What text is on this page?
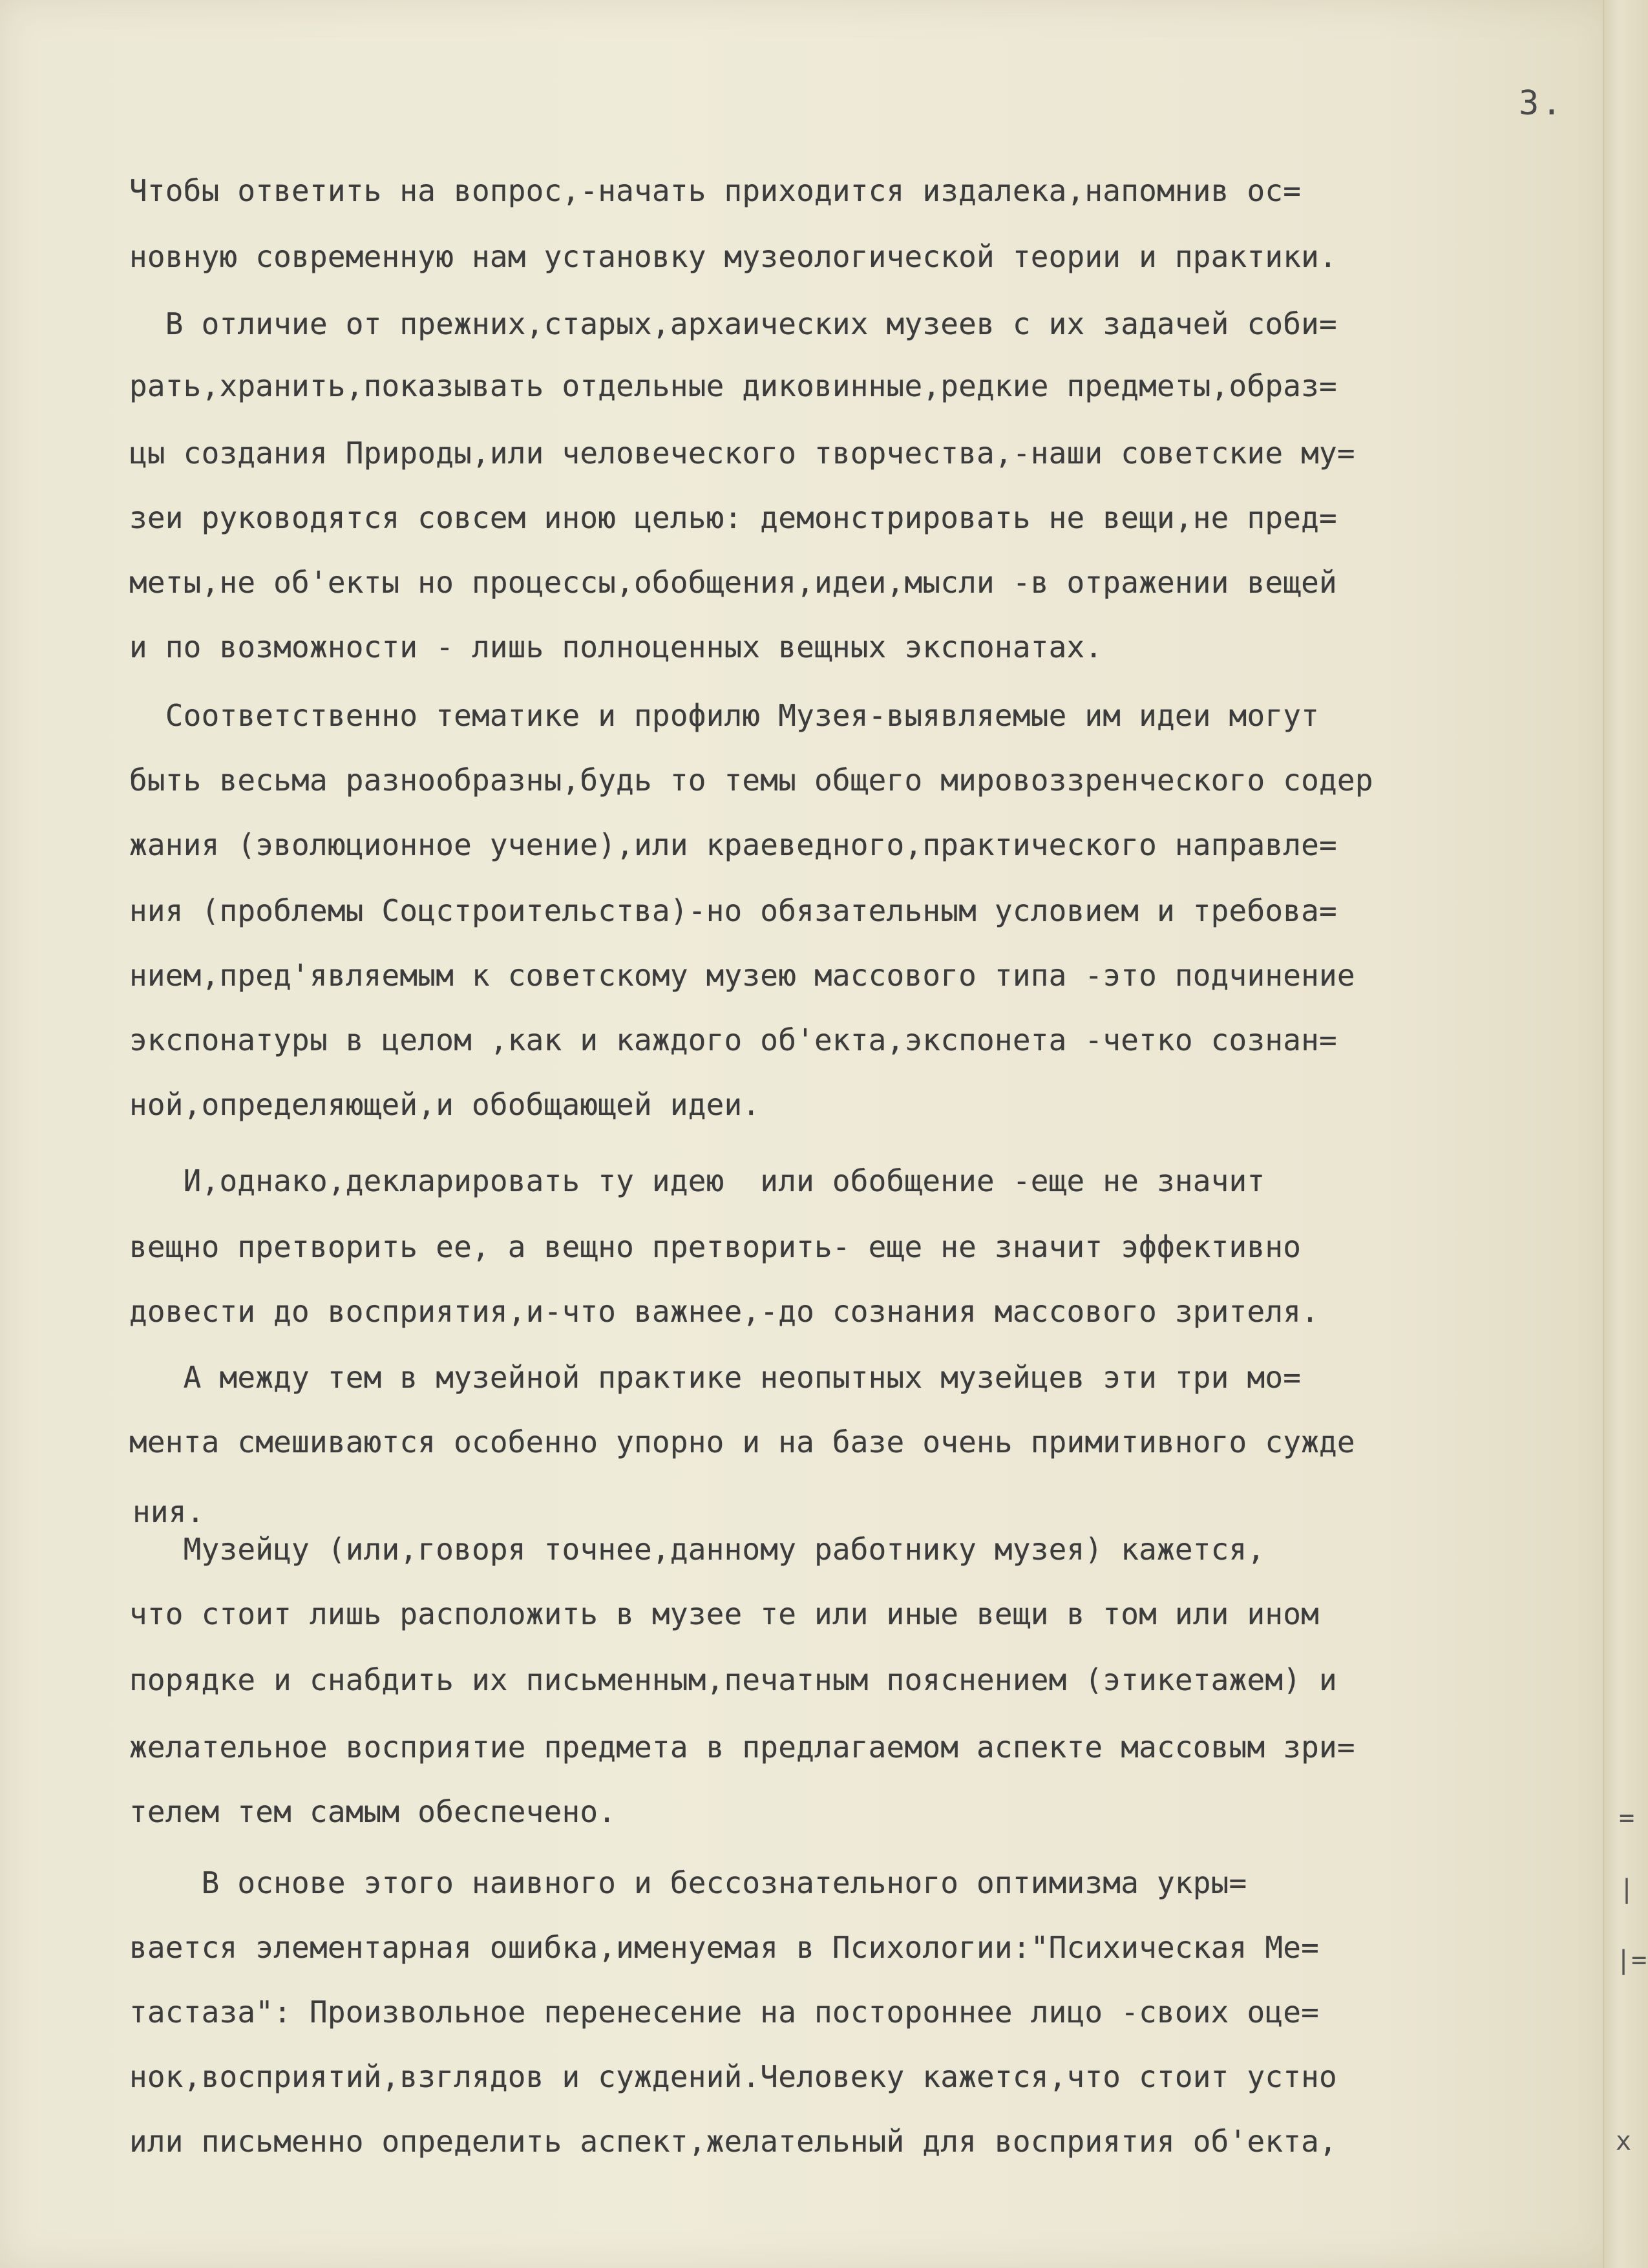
3.
Чтобы ответить на вопрос,-начать приходится издалека,напомнив ос=
новную современную нам установку музеологической теории и практики.
В отличие от прежних,старых,архаических музеев с их задачей соби=
рать,хранить,показывать отдельные диковинные,редкие предметы,образ=
цы создания Природы,или человеческого творчества,-наши советские му=
зеи руководятся совсем иною целью: демонстрировать не вещи,не пред=
меты,не об'екты но процессы,обобщения,идеи,мысли -в отражении вещей
и по возможности - лишь полноценных вещных экспонатах.
Соответственно тематике и профилю Музея-выявляемые им идеи могут
быть весьма разнообразны,будь то темы общего мировоззренческого содер
жания (эволюционное учение),или краеведного,практического направле=
ния (проблемы Соцстроительства)-но обязательным условием и требова=
нием,пред'являемым к советскому музею массового типа -это подчинение
экспонатуры в целом ,как и каждого об'екта,экспонета -четко сознан=
ной,определяющей,и обобщающей идеи.
И,однако,декларировать ту идею  или обобщение -еще не значит
вещно претворить ее, а вещно претворить- еще не значит эффективно
довести до восприятия,и-что важнее,-до сознания массового зрителя.
А между тем в музейной практике неопытных музейцев эти три мо=
мента смешиваются особенно упорно и на базе очень примитивного сужде
ния.
Музейцу (или,говоря точнее,данному работнику музея) кажется,
что стоит лишь расположить в музее те или иные вещи в том или ином
порядке и снабдить их письменным,печатным пояснением (этикетажем) и
желательное восприятие предмета в предлагаемом аспекте массовым зри=
телем тем самым обеспечено.
В основе этого наивного и бессознательного оптимизма укры=
вается элементарная ошибка,именуемая в Психологии:"Психическая Ме=
тастаза": Произвольное перенесение на постороннее лицо -своих оце=
нок,восприятий,взглядов и суждений.Человеку кажется,что стоит устно
или письменно определить аспект,желательный для восприятия об'екта,
=
|
|=
x
